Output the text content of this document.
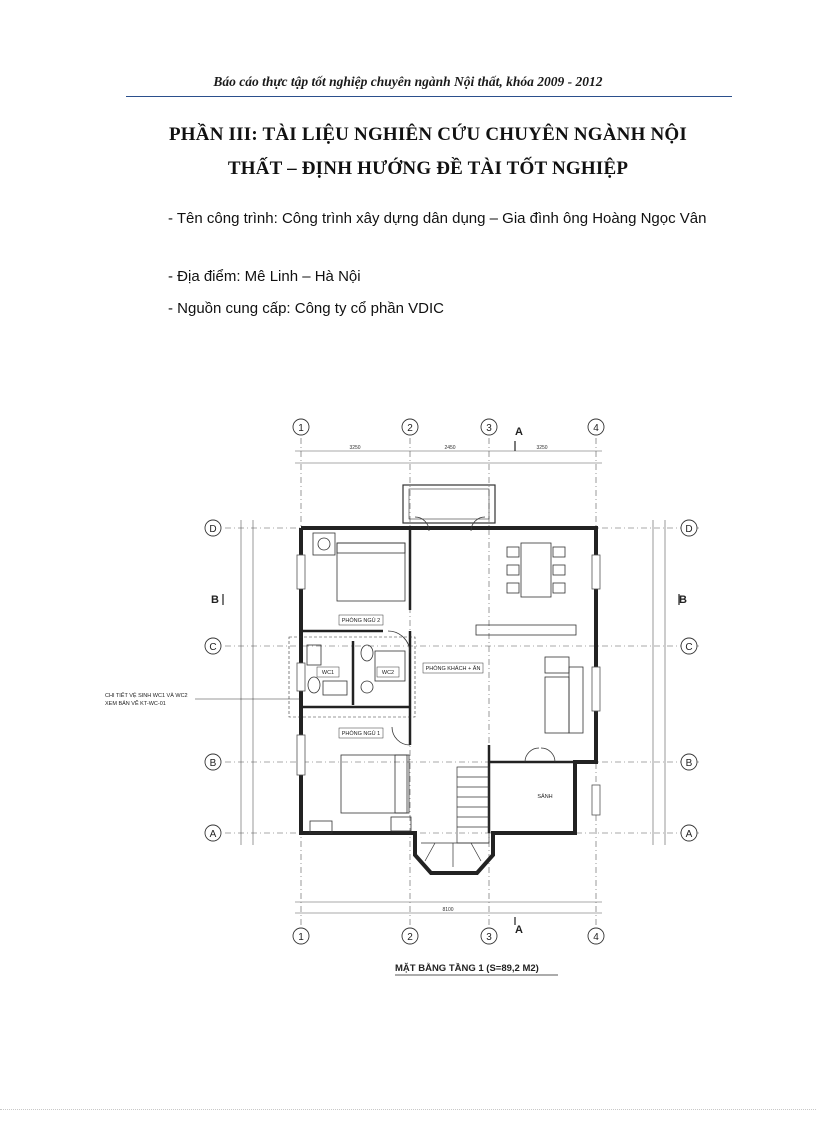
Báo cáo thực tập tốt nghiệp chuyên ngành Nội thất, khóa 2009 - 2012
PHẦN III: TÀI LIỆU NGHIÊN CỨU CHUYÊN NGÀNH NỘI
THẤT – ĐỊNH HƯỚNG ĐỀ TÀI TỐT NGHIỆP
- Tên công trình: Công trình xây dựng dân dụng – Gia đình ông Hoàng Ngọc Vân
- Địa điểm: Mê Linh – Hà Nội
- Nguồn cung cấp: Công ty cổ phần VDIC
1	2	3	4
1	2	3	4
D
C
B
A
D
C
B
A
A
A
B	B
3250	2450	3250
8100
PHÒNG NGỦ 2
PHÒNG NGỦ 1
PHÒNG KHÁCH + ĂN
WC1	WC2
SẢNH
CHI TIẾT VỆ SINH WC1 VÀ WC2
XEM BẢN VẼ KT-WC-01
MẶT BẰNG TẦNG 1 (S=89,2 M2)
